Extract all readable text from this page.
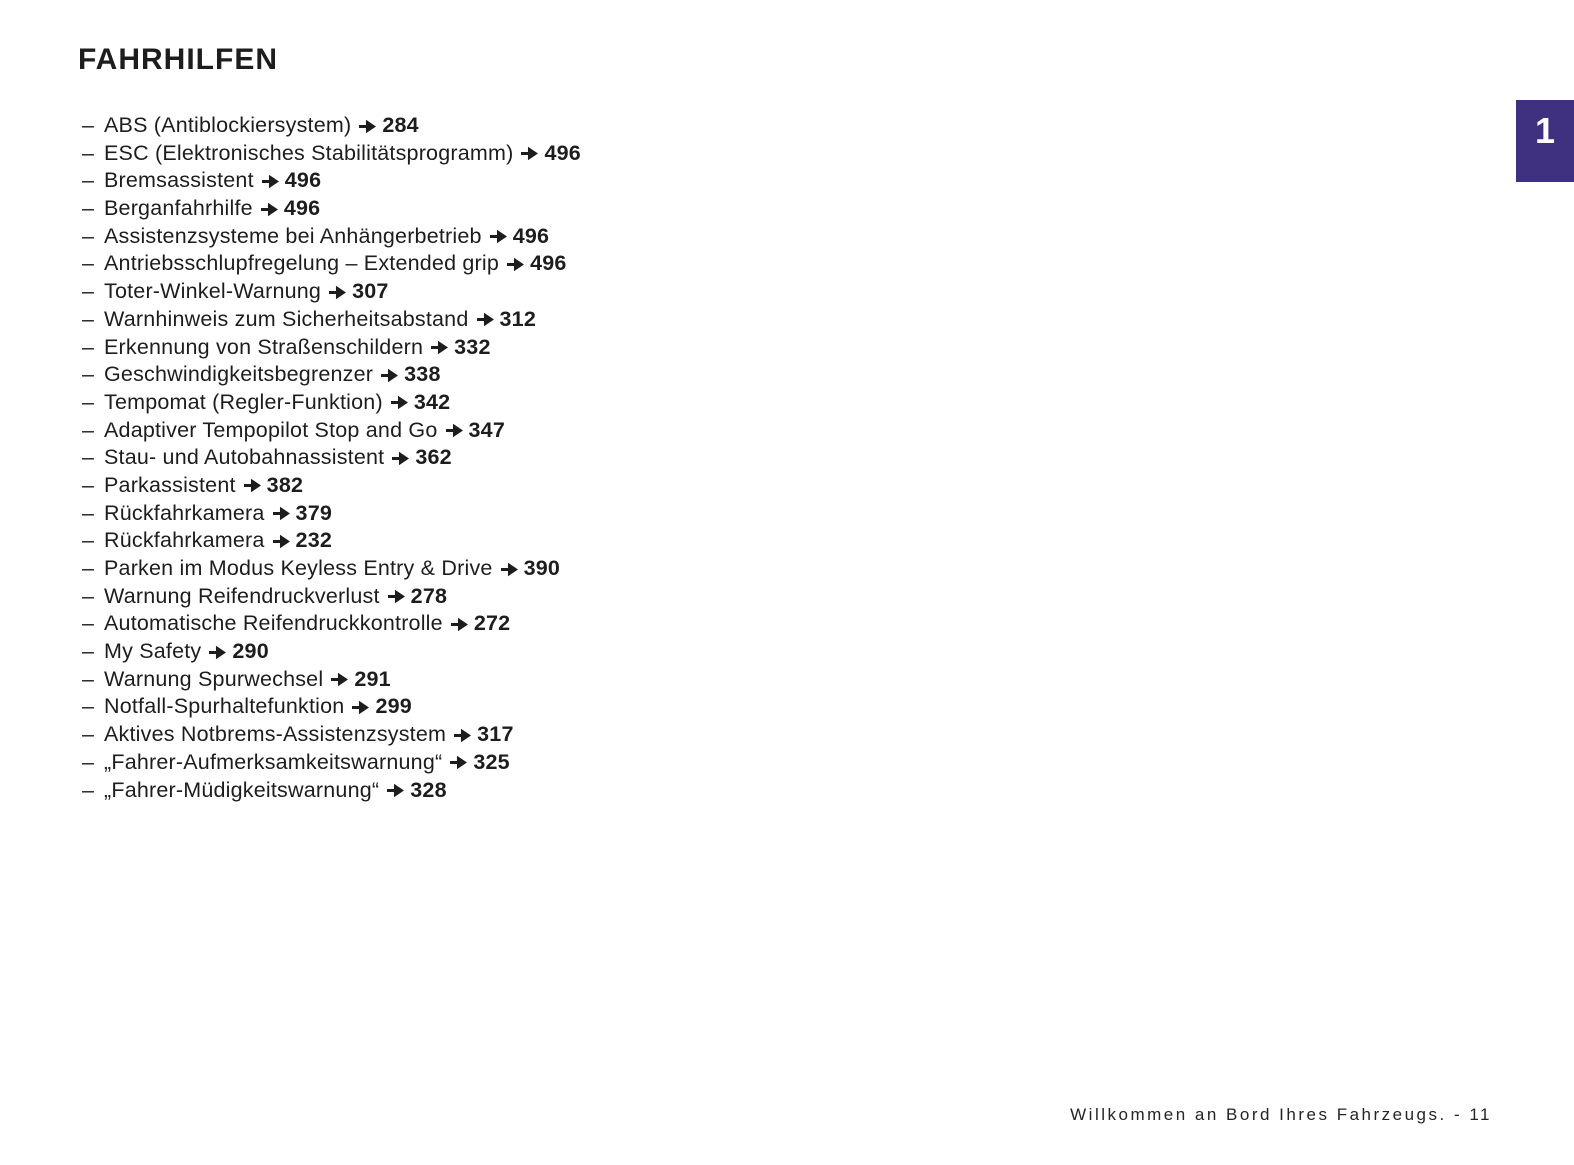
FAHRHILFEN
– ABS (Antiblockiersystem) 284
– ESC (Elektronisches Stabilitätsprogramm) 496
– Bremsassistent 496
– Berganfahrhilfe 496
– Assistenzsysteme bei Anhängerbetrieb 496
– Antriebsschlupfregelung – Extended grip 496
– Toter-Winkel-Warnung 307
– Warnhinweis zum Sicherheitsabstand 312
– Erkennung von Straßenschildern 332
– Geschwindigkeitsbegrenzer 338
– Tempomat (Regler-Funktion) 342
– Adaptiver Tempopilot Stop and Go 347
– Stau- und Autobahnassistent 362
– Parkassistent 382
– Rückfahrkamera 379
– Rückfahrkamera 232
– Parken im Modus Keyless Entry & Drive 390
– Warnung Reifendruckverlust 278
– Automatische Reifendruckkontrolle 272
– My Safety 290
– Warnung Spurwechsel 291
– Notfall-Spurhaltefunktion 299
– Aktives Notbrems-Assistenzsystem 317
– „Fahrer-Aufmerksamkeitswarnung“ 325
– „Fahrer-Müdigkeitswarnung“ 328
1
Willkommen an Bord Ihres Fahrzeugs. - 11
